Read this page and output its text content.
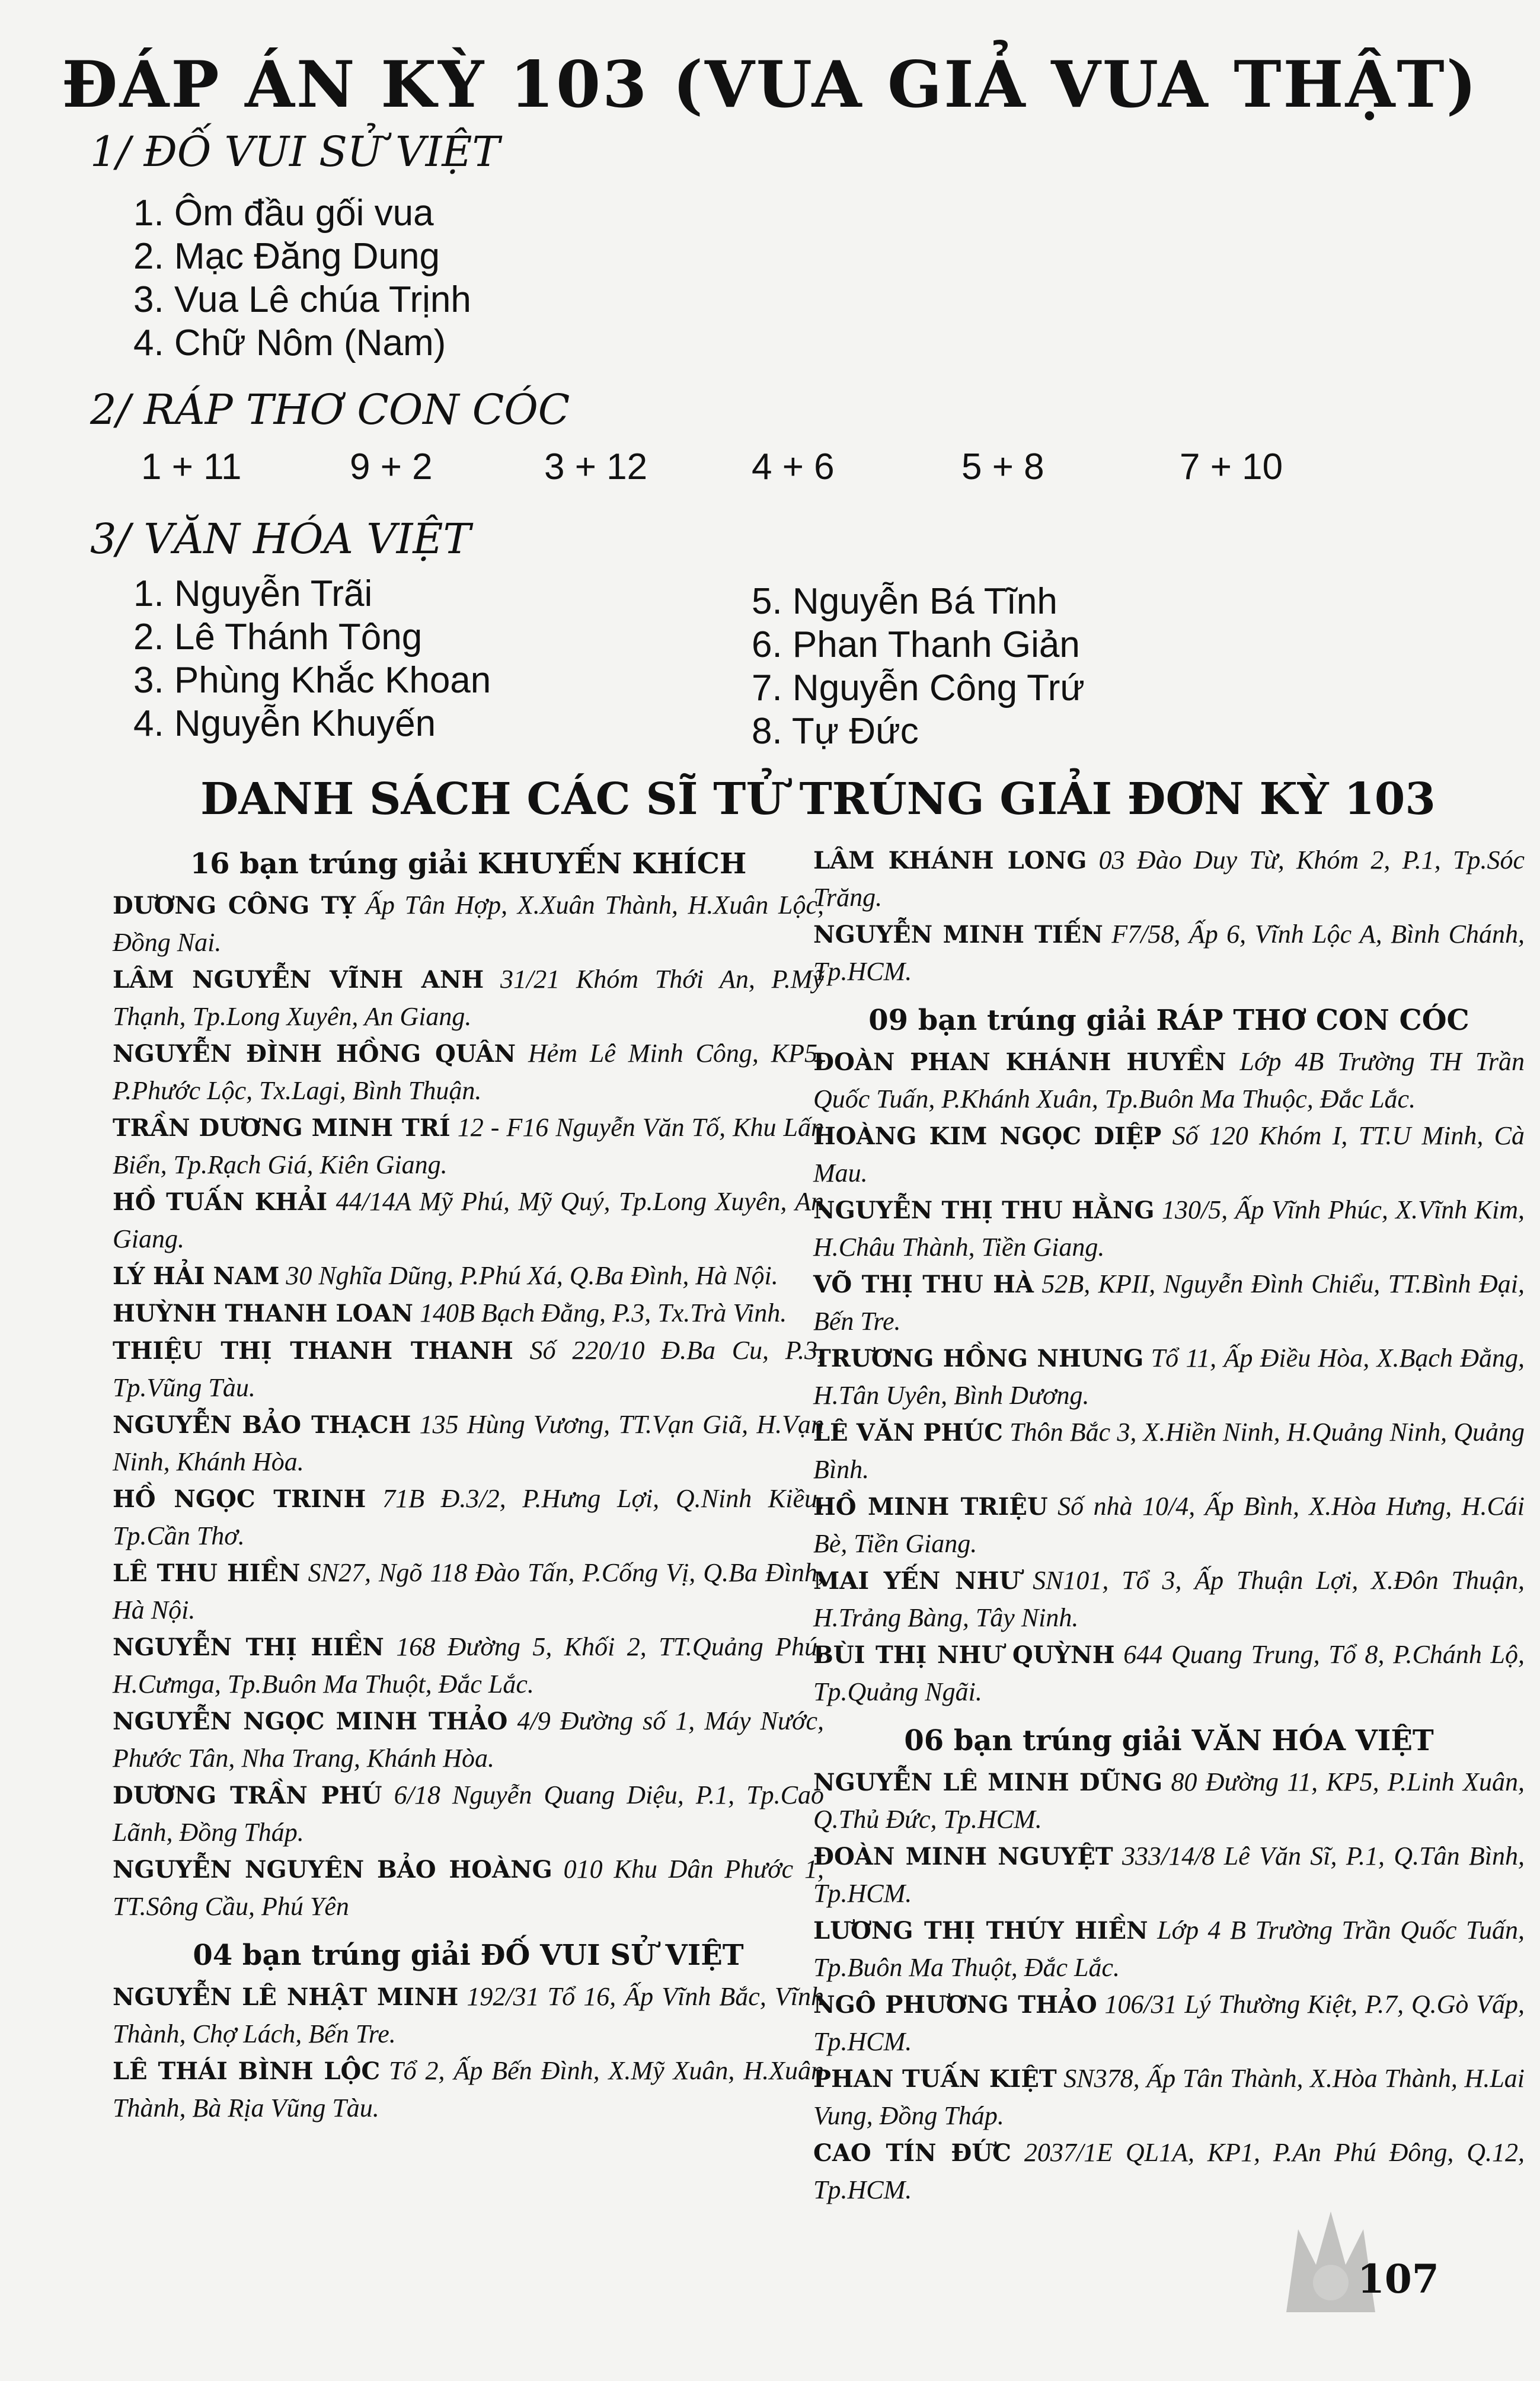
ĐÁP ÁN KỲ 103 (VUA GIẢ VUA THẬT)
1/ ĐỐ VUI SỬ VIỆT
1. Ôm đầu gối vua
2. Mạc Đăng Dung
3. Vua Lê chúa Trịnh
4. Chữ Nôm (Nam)
2/ RÁP THƠ CON CÓC
1 + 11	9 + 2	3 + 12	4 + 6	5 + 8	7 + 10
3/ VĂN HÓA VIỆT
1. Nguyễn Trãi
2. Lê Thánh Tông
3. Phùng Khắc Khoan
4. Nguyễn Khuyến
5. Nguyễn Bá Tĩnh
6. Phan Thanh Giản
7. Nguyễn Công Trứ
8. Tự Đức
DANH SÁCH CÁC SĨ TỬ TRÚNG GIẢI ĐƠN KỲ 103
16 bạn trúng giải KHUYẾN KHÍCH
DƯƠNG CÔNG TỴ Ấp Tân Hợp, X.Xuân Thành, H.Xuân Lộc, Đồng Nai.
LÂM NGUYỄN VĨNH ANH 31/21 Khóm Thới An, P.Mỹ Thạnh, Tp.Long Xuyên, An Giang.
NGUYỄN ĐÌNH HỒNG QUÂN Hẻm Lê Minh Công, KP5, P.Phước Lộc, Tx.Lagi, Bình Thuận.
TRẦN DƯƠNG MINH TRÍ 12 - F16 Nguyễn Văn Tố, Khu Lấn Biển, Tp.Rạch Giá, Kiên Giang.
HỒ TUẤN KHẢI 44/14A Mỹ Phú, Mỹ Quý, Tp.Long Xuyên, An Giang.
LÝ HẢI NAM 30 Nghĩa Dũng, P.Phú Xá, Q.Ba Đình, Hà Nội.
HUỲNH THANH LOAN 140B Bạch Đằng, P.3, Tx.Trà Vinh.
THIỆU THỊ THANH THANH Số 220/10 Đ.Ba Cu, P.3, Tp.Vũng Tàu.
NGUYỄN BẢO THẠCH 135 Hùng Vương, TT.Vạn Giã, H.Vạn Ninh, Khánh Hòa.
HỒ NGỌC TRINH 71B Đ.3/2, P.Hưng Lợi, Q.Ninh Kiều, Tp.Cần Thơ.
LÊ THU HIỀN SN27, Ngõ 118 Đào Tấn, P.Cống Vị, Q.Ba Đình, Hà Nội.
NGUYỄN THỊ HIỀN 168 Đường 5, Khối 2, TT.Quảng Phú, H.Cưmga, Tp.Buôn Ma Thuột, Đắc Lắc.
NGUYỄN NGỌC MINH THẢO 4/9 Đường số 1, Máy Nước, Phước Tân, Nha Trang, Khánh Hòa.
DƯƠNG TRẦN PHÚ 6/18 Nguyễn Quang Diệu, P.1, Tp.Cao Lãnh, Đồng Tháp.
NGUYỄN NGUYÊN BẢO HOÀNG 010 Khu Dân Phước 1, TT.Sông Cầu, Phú Yên
04 bạn trúng giải ĐỐ VUI SỬ VIỆT
NGUYỄN LÊ NHẬT MINH 192/31 Tổ 16, Ấp Vĩnh Bắc, Vĩnh Thành, Chợ Lách, Bến Tre.
LÊ THÁI BÌNH LỘC Tổ 2, Ấp Bến Đình, X.Mỹ Xuân, H.Xuân Thành, Bà Rịa Vũng Tàu.
LÂM KHÁNH LONG 03 Đào Duy Từ, Khóm 2, P.1, Tp.Sóc Trăng.
NGUYỄN MINH TIẾN F7/58, Ấp 6, Vĩnh Lộc A, Bình Chánh, Tp.HCM.
09 bạn trúng giải RÁP THƠ CON CÓC
ĐOÀN PHAN KHÁNH HUYỀN Lớp 4B Trường TH Trần Quốc Tuấn, P.Khánh Xuân, Tp.Buôn Ma Thuộc, Đắc Lắc.
HOÀNG KIM NGỌC DIỆP Số 120 Khóm I, TT.U Minh, Cà Mau.
NGUYỄN THỊ THU HẰNG 130/5, Ấp Vĩnh Phúc, X.Vĩnh Kim, H.Châu Thành, Tiền Giang.
VÕ THỊ THU HÀ 52B, KPII, Nguyễn Đình Chiểu, TT.Bình Đại, Bến Tre.
TRƯƠNG HỒNG NHUNG Tổ 11, Ấp Điều Hòa, X.Bạch Đằng, H.Tân Uyên, Bình Dương.
LÊ VĂN PHÚC Thôn Bắc 3, X.Hiền Ninh, H.Quảng Ninh, Quảng Bình.
HỒ MINH TRIỆU Số nhà 10/4, Ấp Bình, X.Hòa Hưng, H.Cái Bè, Tiền Giang.
MAI YẾN NHƯ SN101, Tổ 3, Ấp Thuận Lợi, X.Đôn Thuận, H.Trảng Bàng, Tây Ninh.
BÙI THỊ NHƯ QUỲNH 644 Quang Trung, Tổ 8, P.Chánh Lộ, Tp.Quảng Ngãi.
06 bạn trúng giải VĂN HÓA VIỆT
NGUYỄN LÊ MINH DŨNG 80 Đường 11, KP5, P.Linh Xuân, Q.Thủ Đức, Tp.HCM.
ĐOÀN MINH NGUYỆT 333/14/8 Lê Văn Sĩ, P.1, Q.Tân Bình, Tp.HCM.
LƯƠNG THỊ THÚY HIỀN Lớp 4 B Trường Trần Quốc Tuấn, Tp.Buôn Ma Thuột, Đắc Lắc.
NGÔ PHƯƠNG THẢO 106/31 Lý Thường Kiệt, P.7, Q.Gò Vấp, Tp.HCM.
PHAN TUẤN KIỆT SN378, Ấp Tân Thành, X.Hòa Thành, H.Lai Vung, Đồng Tháp.
CAO TÍN ĐỨC 2037/1E QL1A, KP1, P.An Phú Đông, Q.12, Tp.HCM.
107
